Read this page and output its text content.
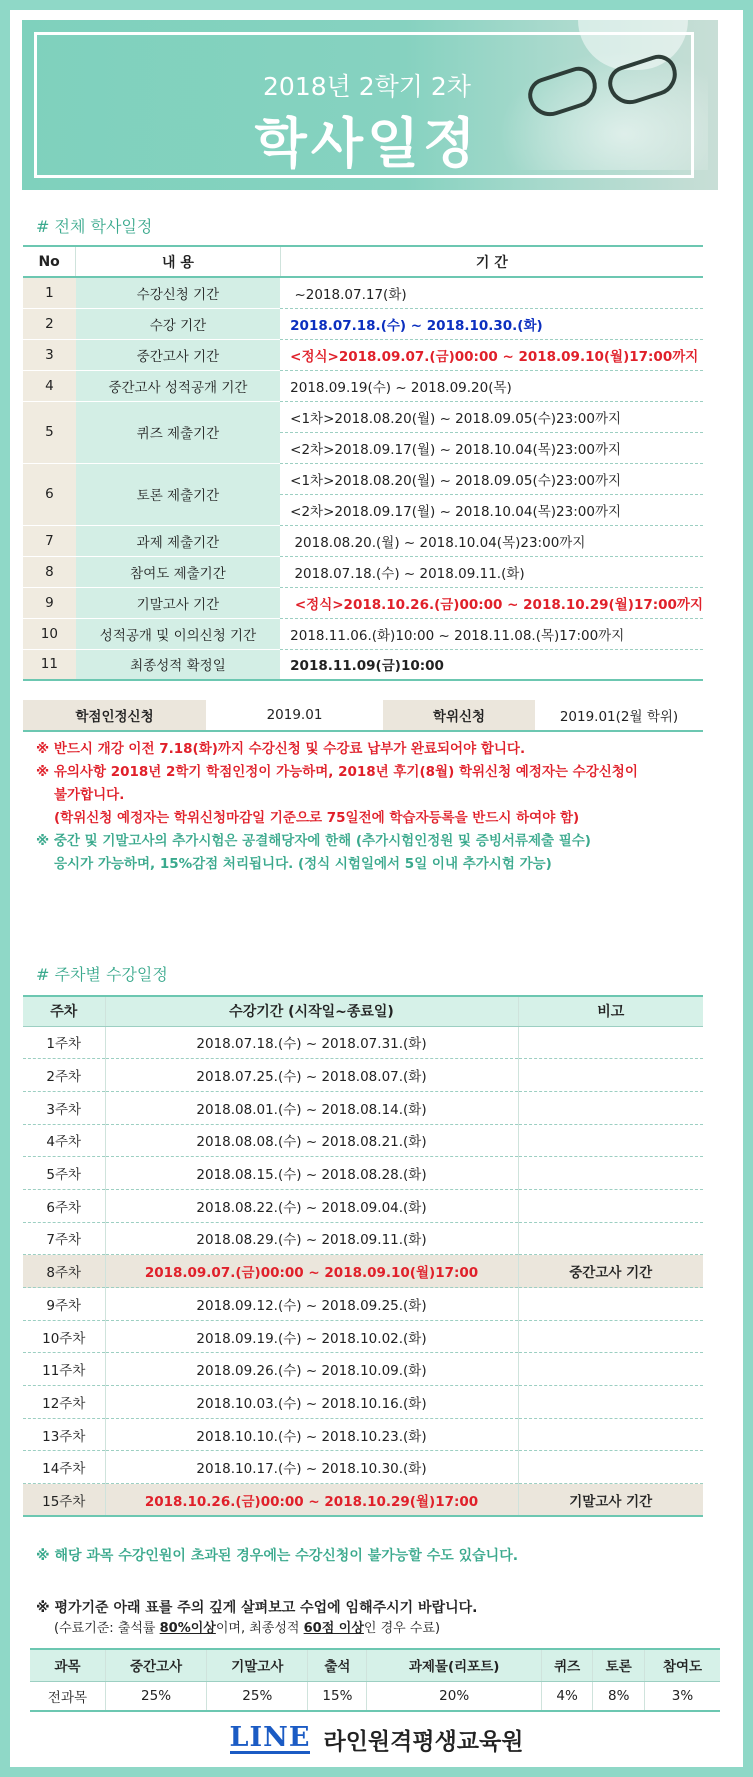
2018년 2학기 2차
학사일정
# 전체 학사일정
No	내 용	기 간
1	수강신청 기간	~2018.07.17(화)
2	수강 기간	2018.07.18.(수) ~ 2018.10.30.(화)
3	중간고사 기간	<정식>2018.09.07.(금)00:00 ~ 2018.09.10(월)17:00까지
4	중간고사 성적공개 기간	2018.09.19(수) ~ 2018.09.20(목)
5	퀴즈 제출기간	<1차>2018.08.20(월) ~ 2018.09.05(수)23:00까지
		<2차>2018.09.17(월) ~ 2018.10.04(목)23:00까지
6	토론 제출기간	<1차>2018.08.20(월) ~ 2018.09.05(수)23:00까지
		<2차>2018.09.17(월) ~ 2018.10.04(목)23:00까지
7	과제 제출기간	2018.08.20.(월) ~ 2018.10.04(목)23:00까지
8	참여도 제출기간	2018.07.18.(수) ~ 2018.09.11.(화)
9	기말고사 기간	<정식>2018.10.26.(금)00:00 ~ 2018.10.29(월)17:00까지
10	성적공개 및 이의신청 기간	2018.11.06.(화)10:00 ~ 2018.11.08.(목)17:00까지
11	최종성적 확정일	2018.11.09(금)10:00
학점인정신청	2019.01	학위신청	2019.01(2월 학위)
※ 반드시 개강 이전 7.18(화)까지 수강신청 및 수강료 납부가 완료되어야 합니다.
※ 유의사항 2018년 2학기 학점인정이 가능하며, 2018년 후기(8월) 학위신청 예정자는 수강신청이
불가합니다.
(학위신청 예정자는 학위신청마감일 기준으로 75일전에 학습자등록을 반드시 하여야 함)
※ 중간 및 기말고사의 추가시험은 공결해당자에 한해 (추가시험인정원 및 증빙서류제출 필수)
응시가 가능하며, 15%감점 처리됩니다. (정식 시험일에서 5일 이내 추가시험 가능)
# 주차별 수강일정
주차	수강기간 (시작일~종료일)	비고
1주차	2018.07.18.(수) ~ 2018.07.31.(화)	
2주차	2018.07.25.(수) ~ 2018.08.07.(화)	
3주차	2018.08.01.(수) ~ 2018.08.14.(화)	
4주차	2018.08.08.(수) ~ 2018.08.21.(화)	
5주차	2018.08.15.(수) ~ 2018.08.28.(화)	
6주차	2018.08.22.(수) ~ 2018.09.04.(화)	
7주차	2018.08.29.(수) ~ 2018.09.11.(화)	
8주차	2018.09.07.(금)00:00 ~ 2018.09.10(월)17:00	중간고사 기간
9주차	2018.09.12.(수) ~ 2018.09.25.(화)	
10주차	2018.09.19.(수) ~ 2018.10.02.(화)	
11주차	2018.09.26.(수) ~ 2018.10.09.(화)	
12주차	2018.10.03.(수) ~ 2018.10.16.(화)	
13주차	2018.10.10.(수) ~ 2018.10.23.(화)	
14주차	2018.10.17.(수) ~ 2018.10.30.(화)	
15주차	2018.10.26.(금)00:00 ~ 2018.10.29(월)17:00	기말고사 기간
※ 해당 과목 수강인원이 초과된 경우에는 수강신청이 불가능할 수도 있습니다.
※ 평가기준 아래 표를 주의 깊게 살펴보고 수업에 임해주시기 바랍니다.
(수료기준: 출석률 80%이상이며, 최종성적 60점 이상인 경우 수료)
과목	중간고사	기말고사	출석	과제물(리포트)	퀴즈	토론	참여도
전과목	25%	25%	15%	20%	4%	8%	3%
LINE 라인원격평생교육원
